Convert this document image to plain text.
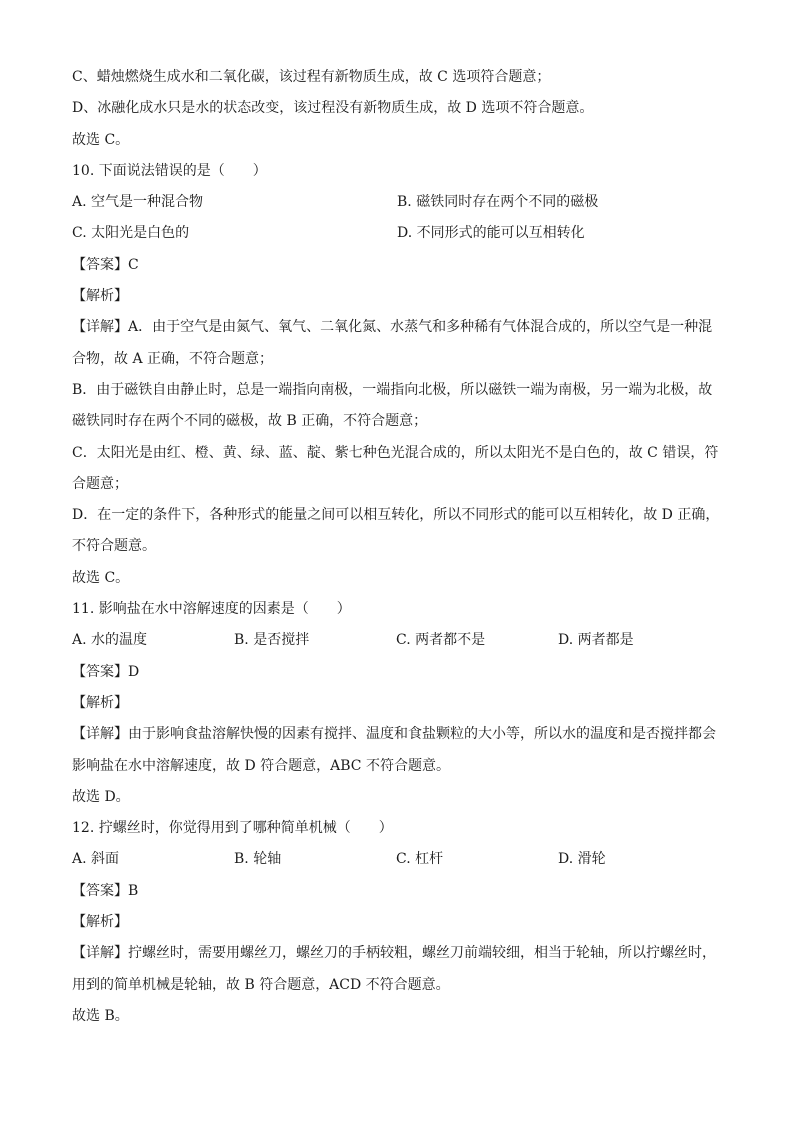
C、蜡烛燃烧生成水和二氧化碳，该过程有新物质生成，故 C 选项符合题意；
D、冰融化成水只是水的状态改变，该过程没有新物质生成，故 D 选项不符合题意。
故选 C。
10. 下面说法错误的是（　　）
A. 空气是一种混合物	B. 磁铁同时存在两个不同的磁极
C. 太阳光是白色的	D. 不同形式的能可以互相转化
【答案】C
【解析】
【详解】A．由于空气是由氮气、氧气、二氧化氮、水蒸气和多种稀有气体混合成的，所以空气是一种混
合物，故 A 正确，不符合题意；
B．由于磁铁自由静止时，总是一端指向南极，一端指向北极，所以磁铁一端为南极，另一端为北极，故
磁铁同时存在两个不同的磁极，故 B 正确，不符合题意；
C．太阳光是由红、橙、黄、绿、蓝、靛、紫七种色光混合成的，所以太阳光不是白色的，故 C 错误，符
合题意；
D．在一定的条件下，各种形式的能量之间可以相互转化，所以不同形式的能可以互相转化，故 D 正确，
不符合题意。
故选 C。
11. 影响盐在水中溶解速度的因素是（　　）
A. 水的温度	B. 是否搅拌	C. 两者都不是	D. 两者都是
【答案】D
【解析】
【详解】由于影响食盐溶解快慢的因素有搅拌、温度和食盐颗粒的大小等，所以水的温度和是否搅拌都会
影响盐在水中溶解速度，故 D 符合题意，ABC 不符合题意。
故选 D。
12. 拧螺丝时，你觉得用到了哪种简单机械（　　）
A. 斜面	B. 轮轴	C. 杠杆	D. 滑轮
【答案】B
【解析】
【详解】拧螺丝时，需要用螺丝刀，螺丝刀的手柄较粗，螺丝刀前端较细，相当于轮轴，所以拧螺丝时，
用到的简单机械是轮轴，故 B 符合题意，ACD 不符合题意。
故选 B。
